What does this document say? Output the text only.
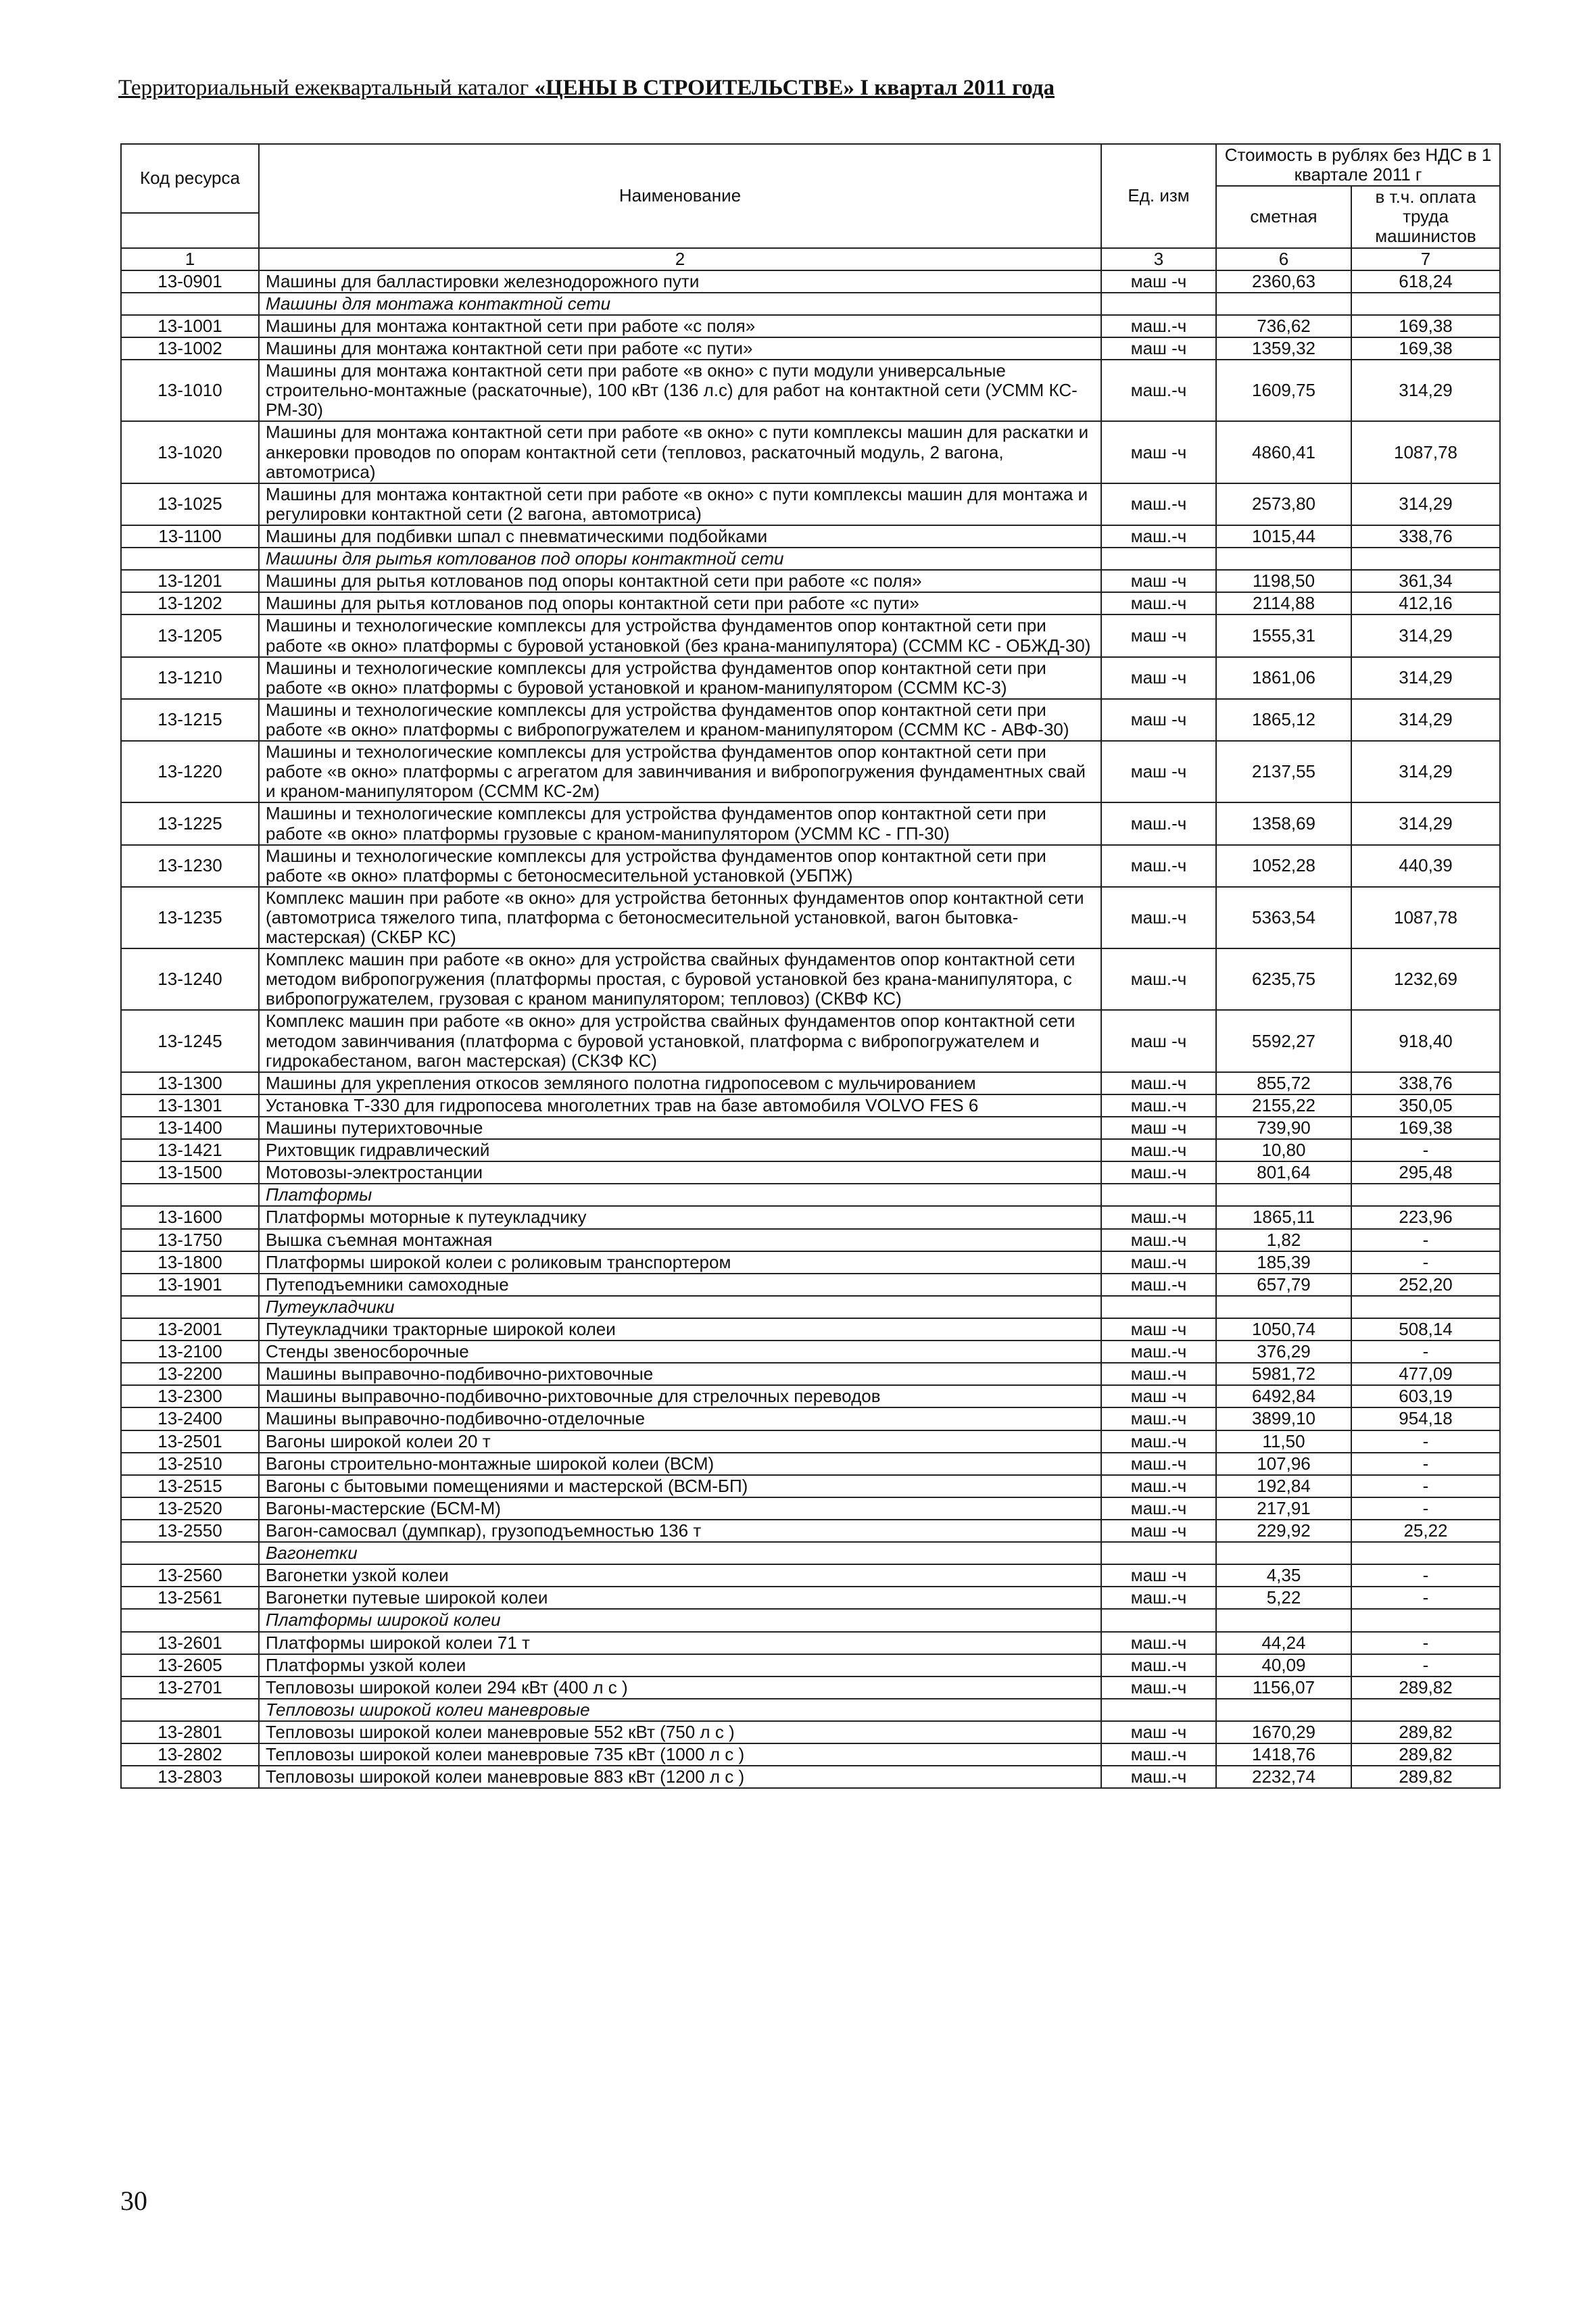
Территориальный ежеквартальный каталог «ЦЕНЫ В СТРОИТЕЛЬСТВЕ» I квартал 2011 года
Код ресурса	Наименование	Ед. изм	Стоимость в рублях без НДС в 1 квартале 2011 г	
			сметная	в т.ч. оплата труда машинистов

1	2	3	6	7
13-0901	Машины для балластировки железнодорожного пути	маш -ч	2360,63	618,24
	Машины для монтажа контактной сети			
13-1001	Машины для монтажа контактной сети при работе «с поля»	маш.-ч	736,62	169,38
13-1002	Машины для монтажа контактной сети при работе «с пути»	маш -ч	1359,32	169,38
13-1010	Машины для монтажа контактной сети при работе «в окно» с пути модули универсальные строительно-монтажные (раскаточные), 100 кВт (136 л.с) для работ на контактной сети (УСММ КС-РМ-30)	маш.-ч	1609,75	314,29
13-1020	Машины для монтажа контактной сети при работе «в окно» с пути комплексы машин для раскатки и анкеровки проводов по опорам контактной сети (тепловоз, раскаточный модуль, 2 вагона, автомотриса)	маш -ч	4860,41	1087,78
13-1025	Машины для монтажа контактной сети при работе «в окно» с пути комплексы машин для монтажа и регулировки контактной сети (2 вагона, автомотриса)	маш.-ч	2573,80	314,29
13-1100	Машины для подбивки шпал с пневматическими подбойками	маш.-ч	1015,44	338,76
	Машины для рытья котлованов под опоры контактной сети			
13-1201	Машины для рытья котлованов под опоры контактной сети при работе «с поля»	маш -ч	1198,50	361,34
13-1202	Машины для рытья котлованов под опоры контактной сети при работе «с пути»	маш.-ч	2114,88	412,16
13-1205	Машины и технологические комплексы для устройства фундаментов опор контактной сети при работе «в окно» платформы с буровой установкой (без крана-манипулятора) (ССММ КС - ОБЖД-30)	маш -ч	1555,31	314,29
13-1210	Машины и технологические комплексы для устройства фундаментов опор контактной сети при работе «в окно» платформы с буровой установкой и краном-манипулятором (ССММ КС-3)	маш -ч	1861,06	314,29
13-1215	Машины и технологические комплексы для устройства фундаментов опор контактной сети при работе «в окно» платформы с вибропогружателем и краном-манипулятором (ССММ КС - АВФ-30)	маш -ч	1865,12	314,29
13-1220	Машины и технологические комплексы для устройства фундаментов опор контактной сети при работе «в окно» платформы с агрегатом для завинчивания и вибропогружения фундаментных свай и краном-манипулятором (ССММ КС-2м)	маш -ч	2137,55	314,29
13-1225	Машины и технологические комплексы для устройства фундаментов опор контактной сети при работе «в окно» платформы грузовые с краном-манипулятором (УСММ КС - ГП-30)	маш.-ч	1358,69	314,29
13-1230	Машины и технологические комплексы для устройства фундаментов опор контактной сети при работе «в окно» платформы с бетоносмесительной установкой (УБПЖ)	маш.-ч	1052,28	440,39
13-1235	Комплекс машин при работе «в окно» для устройства бетонных фундаментов опор контактной сети (автомотриса тяжелого типа, платформа с бетоносмесительной установкой, вагон бытовка-мастерская) (СКБР КС)	маш.-ч	5363,54	1087,78
13-1240	Комплекс машин при работе «в окно» для устройства свайных фундаментов опор контактной сети методом вибропогружения (платформы простая, с буровой установкой без крана-манипулятора, с вибропогружателем, грузовая с краном манипулятором; тепловоз) (СКВФ КС)	маш.-ч	6235,75	1232,69
13-1245	Комплекс машин при работе «в окно» для устройства свайных фундаментов опор контактной сети методом завинчивания (платформа с буровой установкой, платформа с вибропогружателем и гидрокабестаном, вагон мастерская) (СКЗФ КС)	маш -ч	5592,27	918,40
13-1300	Машины для укрепления откосов земляного полотна гидропосевом с мульчированием	маш.-ч	855,72	338,76
13-1301	Установка Т-330 для гидропосева многолетних трав на базе автомобиля VOLVO FES 6	маш.-ч	2155,22	350,05
13-1400	Машины путерихтовочные	маш -ч	739,90	169,38
13-1421	Рихтовщик гидравлический	маш.-ч	10,80	-
13-1500	Мотовозы-электростанции	маш.-ч	801,64	295,48
	Платформы			
13-1600	Платформы моторные к путеукладчику	маш.-ч	1865,11	223,96
13-1750	Вышка съемная монтажная	маш.-ч	1,82	-
13-1800	Платформы широкой колеи с роликовым транспортером	маш.-ч	185,39	-
13-1901	Путеподъемники самоходные	маш.-ч	657,79	252,20
	Путеукладчики			
13-2001	Путеукладчики тракторные широкой колеи	маш -ч	1050,74	508,14
13-2100	Стенды звеносборочные	маш.-ч	376,29	-
13-2200	Машины выправочно-подбивочно-рихтовочные	маш.-ч	5981,72	477,09
13-2300	Машины выправочно-подбивочно-рихтовочные для стрелочных переводов	маш -ч	6492,84	603,19
13-2400	Машины выправочно-подбивочно-отделочные	маш.-ч	3899,10	954,18
13-2501	Вагоны широкой колеи 20 т	маш.-ч	11,50	-
13-2510	Вагоны строительно-монтажные широкой колеи (ВСМ)	маш.-ч	107,96	-
13-2515	Вагоны с бытовыми помещениями и мастерской (ВСМ-БП)	маш.-ч	192,84	-
13-2520	Вагоны-мастерские (БСМ-М)	маш.-ч	217,91	-
13-2550	Вагон-самосвал (думпкар), грузоподъемностью 136 т	маш -ч	229,92	25,22
	Вагонетки			
13-2560	Вагонетки узкой колеи	маш -ч	4,35	-
13-2561	Вагонетки путевые широкой колеи	маш.-ч	5,22	-
	Платформы широкой колеи			
13-2601	Платформы широкой колеи 71 т	маш.-ч	44,24	-
13-2605	Платформы узкой колеи	маш.-ч	40,09	-
13-2701	Тепловозы широкой колеи 294 кВт (400 л с )	маш.-ч	1156,07	289,82
	Тепловозы широкой колеи маневровые			
13-2801	Тепловозы широкой колеи маневровые 552 кВт (750 л с )	маш -ч	1670,29	289,82
13-2802	Тепловозы широкой колеи маневровые 735 кВт (1000 л с )	маш.-ч	1418,76	289,82
13-2803	Тепловозы широкой колеи маневровые 883 кВт (1200 л с )	маш.-ч	2232,74	289,82
30
